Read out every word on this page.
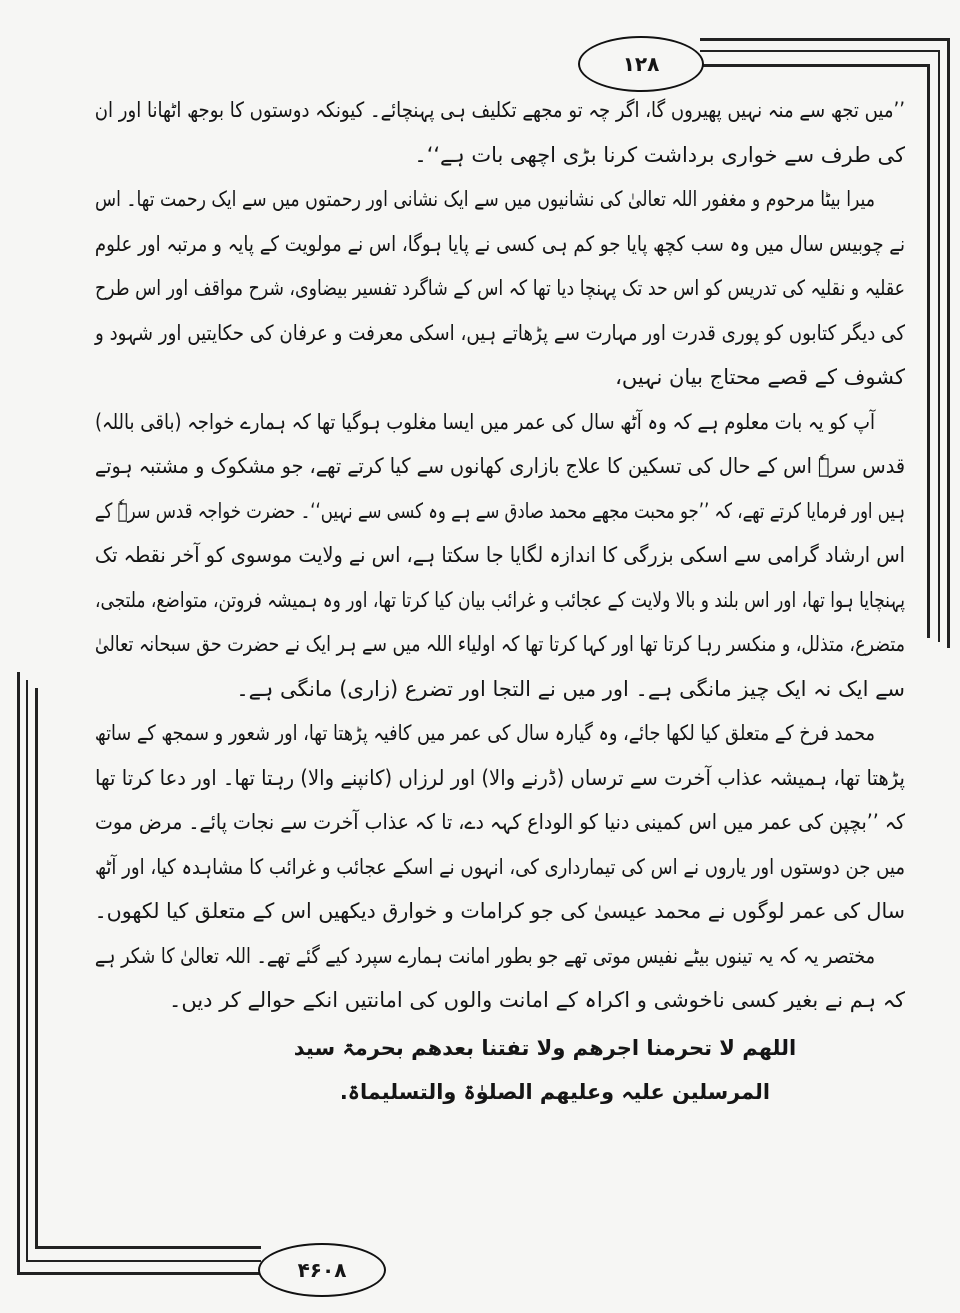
۱۲۸
۴۶۰۸
’’میں تجھ سے منہ نہیں پھیروں گا، اگر چہ تو مجھے تکلیف ہی پہنچائے۔ کیونکہ دوستوں کا بوجھ اٹھانا اور ان
کی طرف سے خواری برداشت کرنا بڑی اچھی بات ہے‘‘۔
میرا بیٹا مرحوم و مغفور اللہ تعالیٰ کی نشانیوں میں سے ایک نشانی اور رحمتوں میں سے ایک رحمت تھا۔ اس
نے چوبیس سال میں وہ سب کچھ پایا جو کم ہی کسی نے پایا ہوگا، اس نے مولویت کے پایہ و مرتبہ اور علوم
عقلیہ و نقلیہ کی تدریس کو اس حد تک پہنچا دیا تھا کہ اس کے شاگرد تفسیر بیضاوی، شرح مواقف اور اس طرح
کی دیگر کتابوں کو پوری قدرت اور مہارت سے پڑھاتے ہیں، اسکی معرفت و عرفان کی حکایتیں اور شہود و
کشوف کے قصے محتاج بیان نہیں،
آپ کو یہ بات معلوم ہے کہ وہ آٹھ سال کی عمر میں ایسا مغلوب ہوگیا تھا کہ ہمارے خواجہ (باقی باللہ)
قدس سرہٗ اس کے حال کی تسکین کا علاج بازاری کھانوں سے کیا کرتے تھے، جو مشکوک و مشتبہ ہوتے
ہیں اور فرمایا کرتے تھے، کہ ’’جو محبت مجھے محمد صادق سے ہے وہ کسی سے نہیں‘‘۔ حضرت خواجہ قدس سرہٗ کے
اس ارشاد گرامی سے اسکی بزرگی کا اندازہ لگایا جا سکتا ہے، اس نے ولایت موسوی کو آخر نقطہ تک
پہنچایا ہوا تھا، اور اس بلند و بالا ولایت کے عجائب و غرائب بیان کیا کرتا تھا، اور وہ ہمیشہ فروتن، متواضع، ملتجی،
متضرع، متذلل، و منکسر رہا کرتا تھا اور کہا کرتا تھا کہ اولیاء اللہ میں سے ہر ایک نے حضرت حق سبحانہ تعالیٰ
سے ایک نہ ایک چیز مانگی ہے۔ اور میں نے التجا اور تضرع (زاری) مانگی ہے۔
محمد فرخ کے متعلق کیا لکھا جائے، وہ گیارہ سال کی عمر میں کافیہ پڑھتا تھا، اور شعور و سمجھ کے ساتھ
پڑھتا تھا، ہمیشہ عذاب آخرت سے ترساں (ڈرنے والا) اور لرزاں (کانپنے والا) رہتا تھا۔ اور دعا کرتا تھا
کہ ’’بچپن کی عمر میں اس کمینی دنیا کو الوداع کہہ دے، تا کہ عذاب آخرت سے نجات پائے۔ مرض موت
میں جن دوستوں اور یاروں نے اس کی تیمارداری کی، انہوں نے اسکے عجائب و غرائب کا مشاہدہ کیا، اور آٹھ
سال کی عمر لوگوں نے محمد عیسیٰ کی جو کرامات و خوارق دیکھیں اس کے متعلق کیا لکھوں۔
مختصر یہ کہ یہ تینوں بیٹے نفیس موتی تھے جو بطور امانت ہمارے سپرد کیے گئے تھے۔ اللہ تعالیٰ کا شکر ہے
کہ ہم نے بغیر کسی ناخوشی و اکراہ کے امانت والوں کی امانتیں انکے حوالے کر دیں۔
اللھم لا تحرمنا اجرھم ولا تفتنا بعدھم بحرمۃ سید
المرسلین علیہ وعلیھم الصلوٰۃ والتسلیماۃ.
